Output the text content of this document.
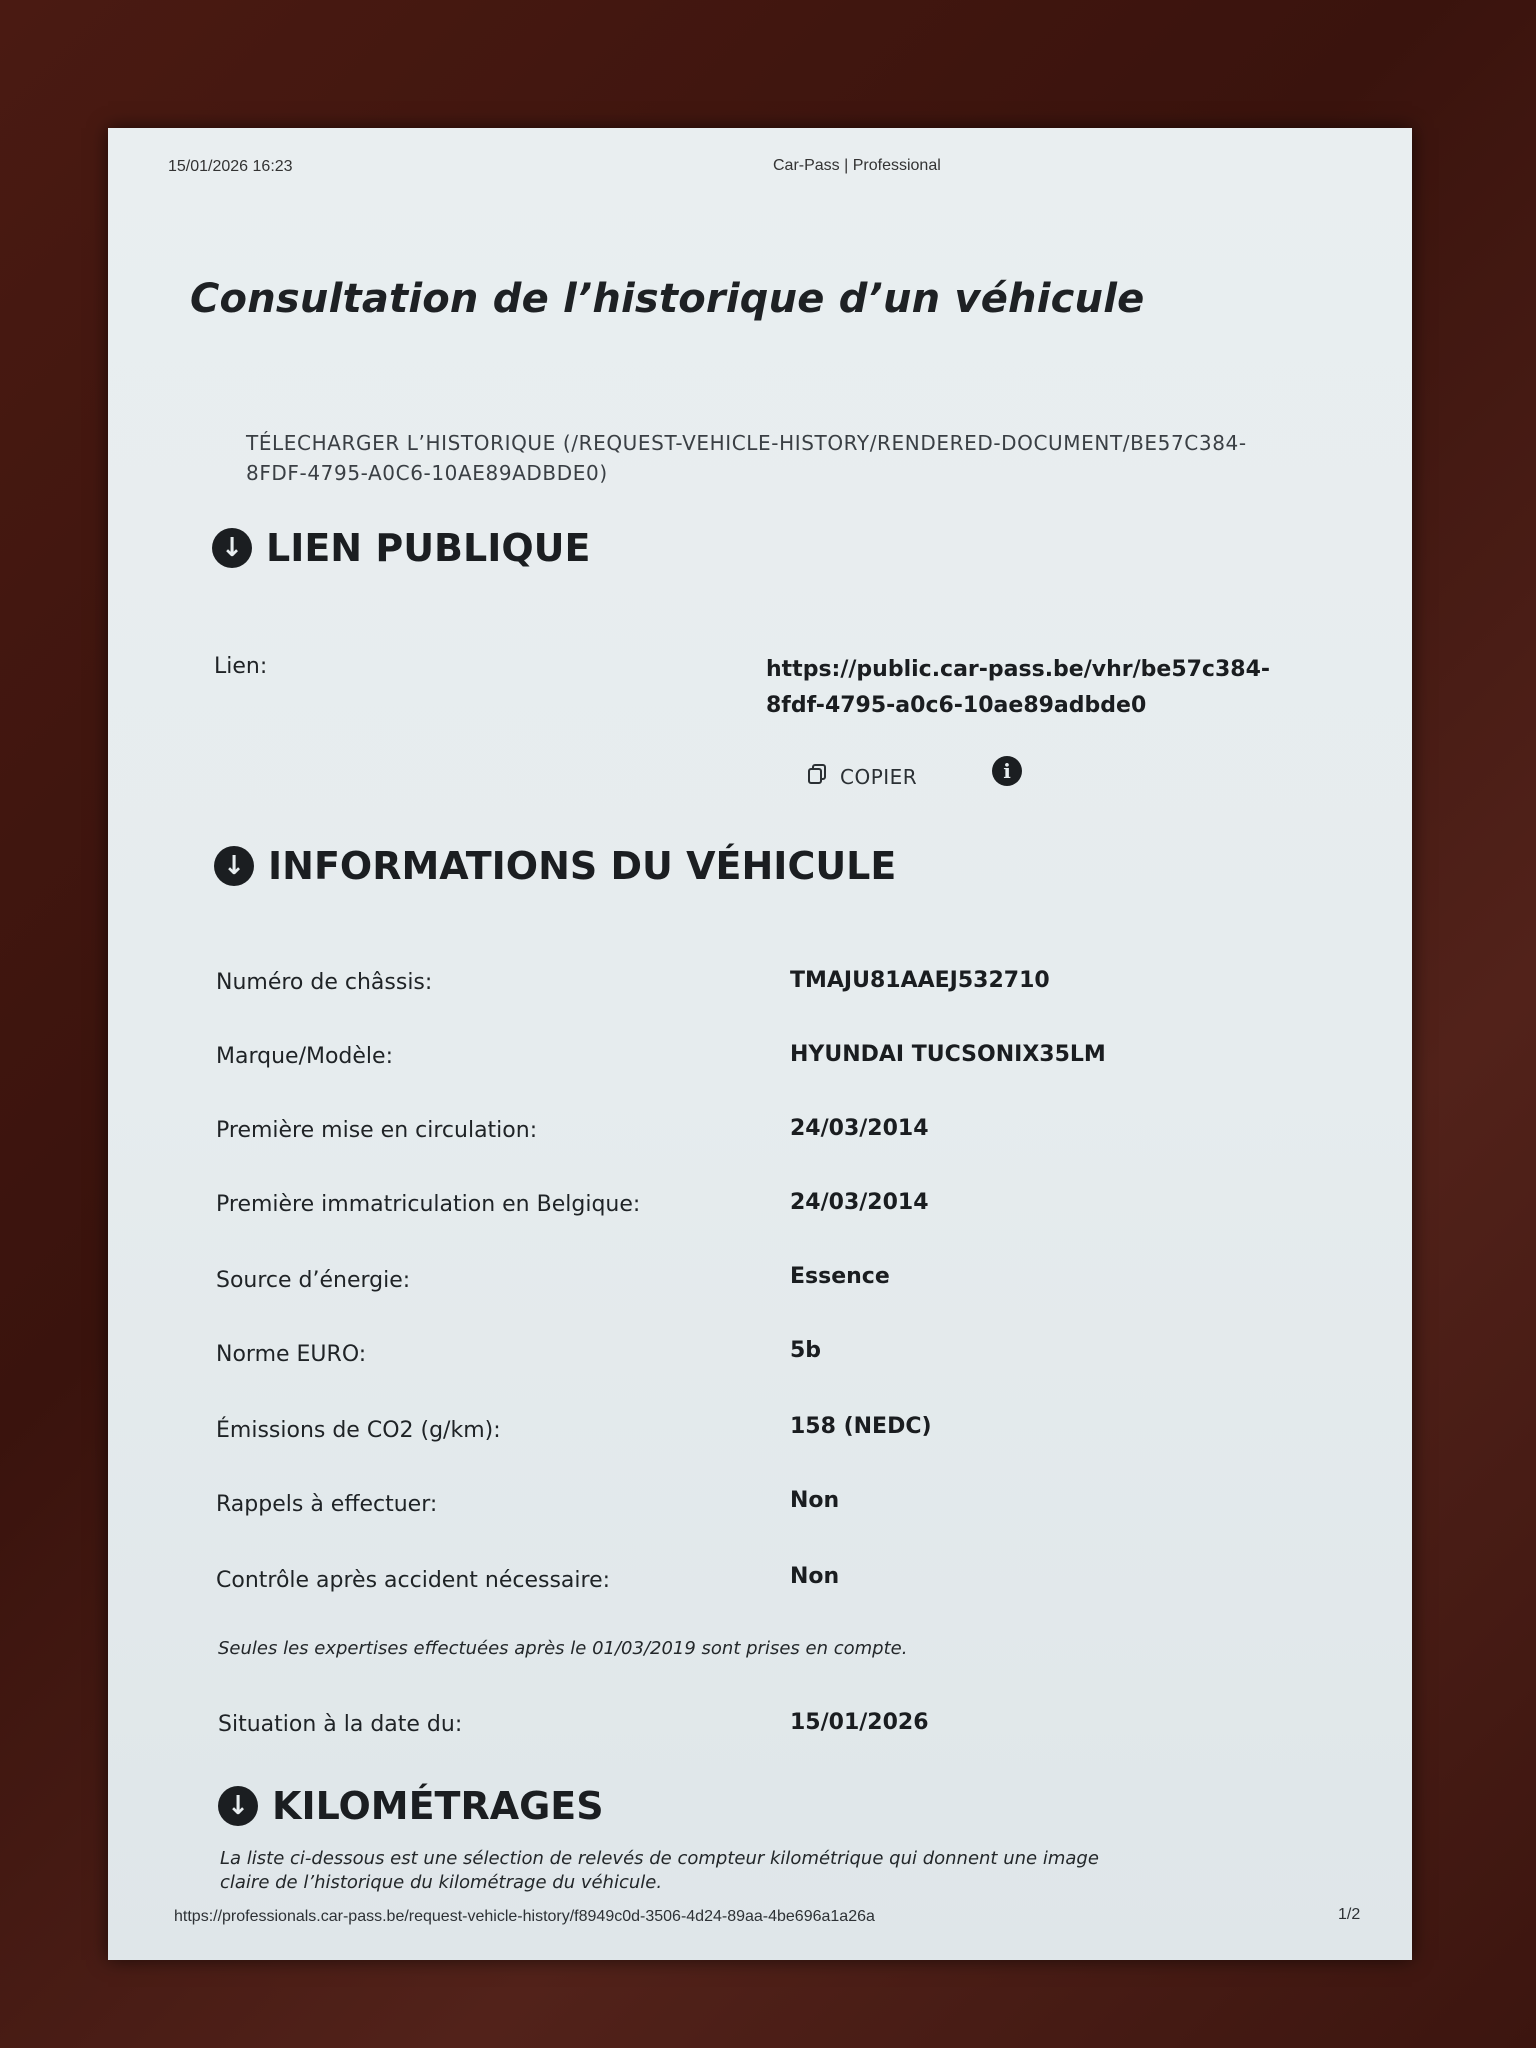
15/01/2026 16:23	Car-Pass | Professional
Consultation de l’historique d’un véhicule
TÉLECHARGER L’HISTORIQUE (/REQUEST-VEHICLE-HISTORY/RENDERED-DOCUMENT/BE57C384-8FDF-4795-A0C6-10AE89ADBDE0)
↓ LIEN PUBLIQUE
Lien:	https://public.car-pass.be/vhr/be57c384-8fdf-4795-a0c6-10ae89adbde0
COPIER	i
↓ INFORMATIONS DU VÉHICULE
Numéro de châssis:	TMAJU81AAEJ532710
Marque/Modèle:	HYUNDAI TUCSONIX35LM
Première mise en circulation:	24/03/2014
Première immatriculation en Belgique:	24/03/2014
Source d’énergie:	Essence
Norme EURO:	5b
Émissions de CO2 (g/km):	158 (NEDC)
Rappels à effectuer:	Non
Contrôle après accident nécessaire:	Non
Seules les expertises effectuées après le 01/03/2019 sont prises en compte.
Situation à la date du:	15/01/2026
↓ KILOMÉTRAGES
La liste ci-dessous est une sélection de relevés de compteur kilométrique qui donnent une image
claire de l’historique du kilométrage du véhicule.
https://professionals.car-pass.be/request-vehicle-history/f8949c0d-3506-4d24-89aa-4be696a1a26a	1/2
